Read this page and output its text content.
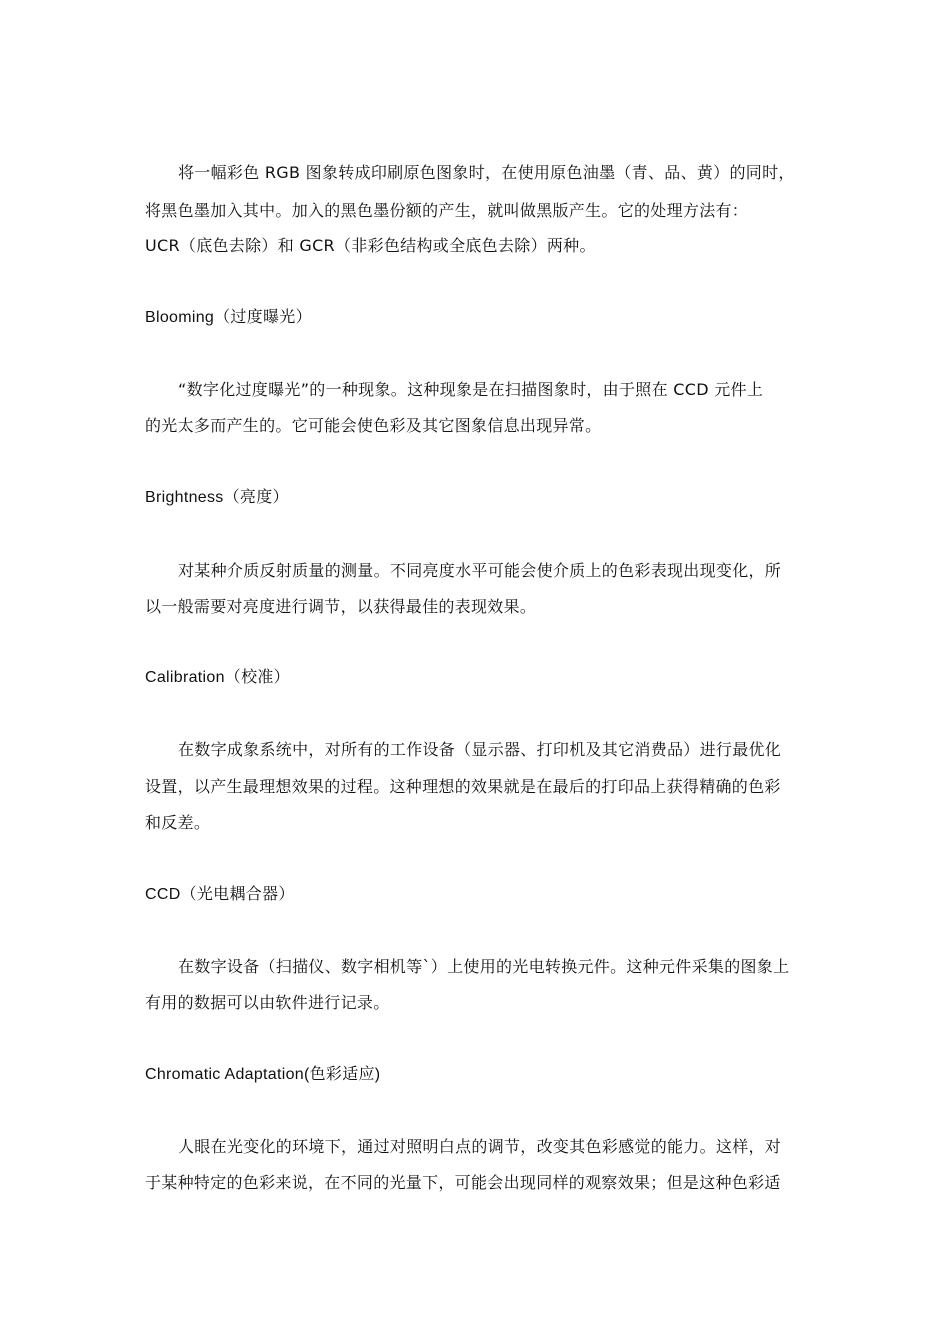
将一幅彩色 RGB 图象转成印刷原色图象时，在使用原色油墨（青、品、黄）的同时，
将黑色墨加入其中。加入的黑色墨份额的产生，就叫做黑版产生。它的处理方法有：
UCR（底色去除）和 GCR（非彩色结构或全底色去除）两种。
Blooming（过度曝光）
“数字化过度曝光”的一种现象。这种现象是在扫描图象时，由于照在 CCD 元件上
的光太多而产生的。它可能会使色彩及其它图象信息出现异常。
Brightness（亮度）
对某种介质反射质量的测量。不同亮度水平可能会使介质上的色彩表现出现变化，所
以一般需要对亮度进行调节，以获得最佳的表现效果。
Calibration（校准）
在数字成象系统中，对所有的工作设备（显示器、打印机及其它消费品）进行最优化
设置，以产生最理想效果的过程。这种理想的效果就是在最后的打印品上获得精确的色彩
和反差。
CCD（光电耦合器）
在数字设备（扫描仪、数字相机等`）上使用的光电转换元件。这种元件采集的图象上
有用的数据可以由软件进行记录。
Chromatic Adaptation(色彩适应)
人眼在光变化的环境下，通过对照明白点的调节，改变其色彩感觉的能力。这样，对
于某种特定的色彩来说，在不同的光量下，可能会出现同样的观察效果；但是这种色彩适
